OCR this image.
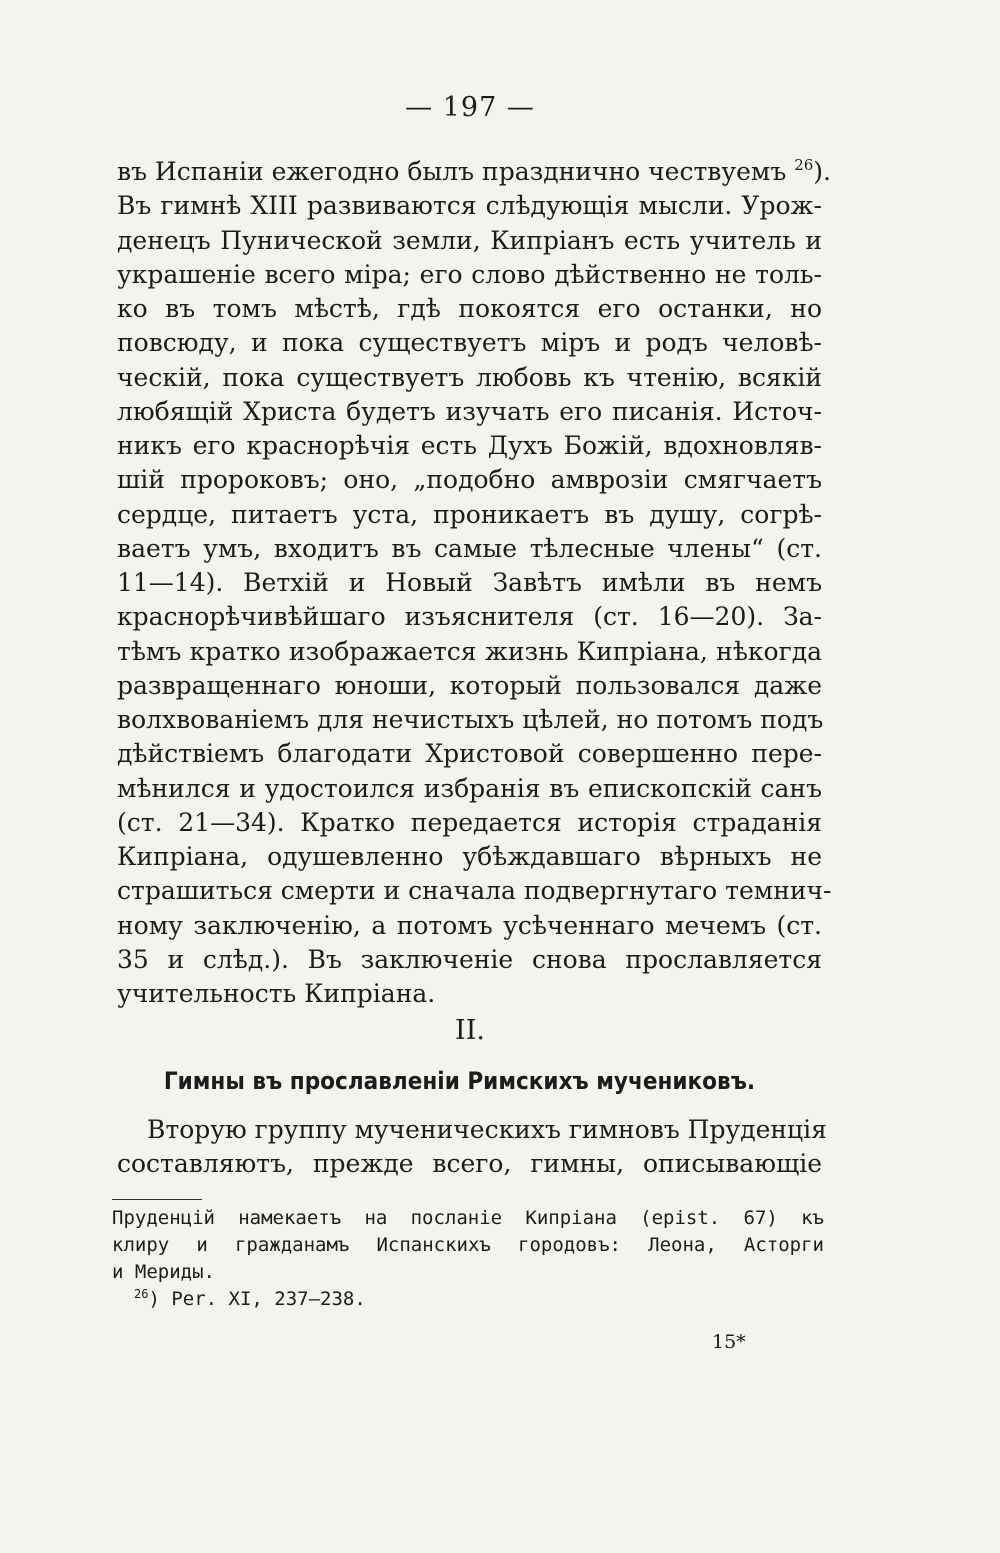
— 197 —
въ Испаніи ежегодно былъ празднично чествуемъ $^{26}$).
Въ гимнѣ XIII развиваются слѣдующія мысли. Урож-
денецъ Пунической земли, Кипріанъ есть учитель и
украшеніе всего міра; его слово дѣйственно не толь-
ко въ томъ мѣстѣ, гдѣ покоятся его останки, но
повсюду, и пока существуетъ міръ и родъ человѣ-
ческій, пока существуетъ любовь къ чтенію, всякій
любящій Христа будетъ изучать его писанія. Источ-
никъ его краснорѣчія есть Духъ Божій, вдохновляв-
шій пророковъ; оно, „подобно амврозіи смягчаетъ
сердце, питаетъ уста, проникаетъ въ душу, согрѣ-
ваетъ умъ, входитъ въ самые тѣлесные члены“ (ст.
11—14). Ветхій и Новый Завѣтъ имѣли въ немъ
краснорѣчивѣйшаго изъяснителя (ст. 16—20). За-
тѣмъ кратко изображается жизнь Кипріана, нѣкогда
развращеннаго юноши, который пользовался даже
волхвованіемъ для нечистыхъ цѣлей, но потомъ подъ
дѣйствіемъ благодати Христовой совершенно пере-
мѣнился и удостоился избранія въ епископскій санъ
(ст. 21—34). Кратко передается исторія страданія
Кипріана, одушевленно убѣждавшаго вѣрныхъ не
страшиться смерти и сначала подвергнутаго темнич-
ному заключенію, а потомъ усѣченнаго мечемъ (ст.
35 и слѣд.). Въ заключеніе снова прославляется
учительность Кипріана.
II.
Гимны въ прославленіи Римскихъ мучениковъ.
Вторую группу мученическихъ гимновъ Пруденція
составляютъ, прежде всего, гимны, описывающіе
Пруденцій намекаетъ на посланіе Кипріана (epist. 67) къ
клиру и гражданамъ Испанскихъ городовъ: Леона, Асторги
и Мериды.
$^{26}$) Per. XI, 237—238.
15*
